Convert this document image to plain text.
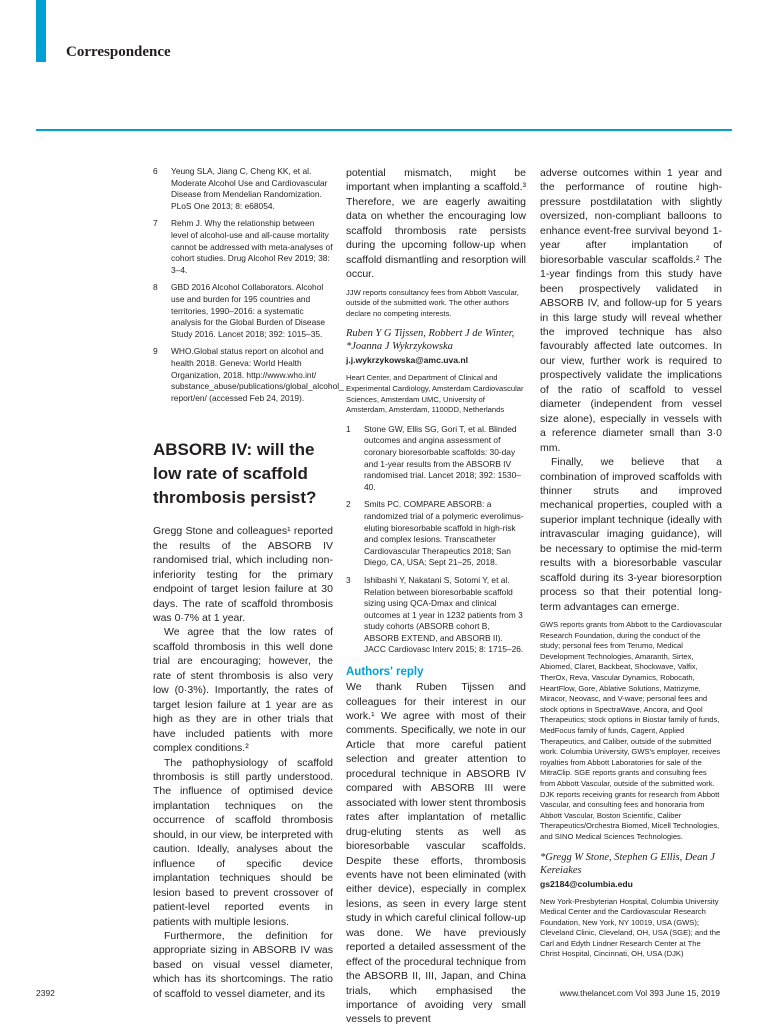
Correspondence
6	Yeung SLA, Jiang C, Cheng KK, et al. Moderate Alcohol Use and Cardiovascular Disease from Mendelian Randomization. PLoS One 2013; 8: e68054.
7	Rehm J. Why the relationship between level of alcohol-use and all-cause mortality cannot be addressed with meta-analyses of cohort studies. Drug Alcohol Rev 2019; 38: 3–4.
8	GBD 2016 Alcohol Collaborators. Alcohol use and burden for 195 countries and territories, 1990–2016: a systematic analysis for the Global Burden of Disease Study 2016. Lancet 2018; 392: 1015–35.
9	WHO.Global status report on alcohol and health 2018. Geneva: World Health Organization, 2018. http://www.who.int/ substance_abuse/publications/global_alcohol_ report/en/ (accessed Feb 24, 2019).
ABSORB IV: will the low rate of scaffold thrombosis persist?

Gregg Stone and colleagues¹ reported the results of the ABSORB IV randomised trial, which including non-inferiority testing for the primary endpoint of target lesion failure at 30 days. The rate of scaffold thrombosis was 0·7% at 1 year.

We agree that the low rates of scaffold thrombosis in this well done trial are encouraging; however, the rate of stent thrombosis is also very low (0·3%). Importantly, the rates of target lesion failure at 1 year are as high as they are in other trials that have included patients with more complex conditions.²

The pathophysiology of scaffold thrombosis is still partly understood. The influence of optimised device implantation techniques on the occurrence of scaffold thrombosis should, in our view, be interpreted with caution. Ideally, analyses about the influence of specific device implantation techniques should be lesion based to prevent crossover of patient-level reported events in patients with multiple lesions.

Furthermore, the definition for appropriate sizing in ABSORB IV was based on visual vessel diameter, which has its shortcomings. The ratio of scaffold to vessel diameter, and its

potential mismatch, might be important when implanting a scaffold.³ Therefore, we are eagerly awaiting data on whether the encouraging low scaffold thrombosis rate persists during the upcoming follow-up when scaffold dismantling and resorption will occur.

JJW reports consultancy fees from Abbott Vascular, outside of the submitted work. The other authors declare no competing interests.

Ruben Y G Tijssen, Robbert J de Winter, *Joanna J Wykrzykowska

j.j.wykrzykowska@amc.uva.nl

Heart Center, and Department of Clinical and Experimental Cardiology, Amsterdam Cardiovascular Sciences, Amsterdam UMC, University of Amsterdam, Amsterdam, 1100DD, Netherlands

1	Stone GW, Ellis SG, Gori T, et al. Blinded outcomes and angina assessment of coronary bioresorbable scaffolds: 30-day and 1-year results from the ABSORB IV randomised trial. Lancet 2018; 392: 1530–40.
2	Smits PC. COMPARE ABSORB: a randomized trial of a polymeric everolimus-eluting bioresorbable scaffold in high-risk and complex lesions. Transcatheter Cardiovascular Therapeutics 2018; San Diego, CA, USA; Sept 21–25, 2018.
3	Ishibashi Y, Nakatani S, Sotomi Y, et al. Relation between bioresorbable scaffold sizing using QCA-Dmax and clinical outcomes at 1 year in 1232 patients from 3 study cohorts (ABSORB cohort B, ABSORB EXTEND, and ABSORB II). JACC Cardiovasc Interv 2015; 8: 1715–26.
Authors' reply

We thank Ruben Tijssen and colleagues for their interest in our work.¹ We agree with most of their comments. Specifically, we note in our Article that more careful patient selection and greater attention to procedural technique in ABSORB IV compared with ABSORB III were associated with lower stent thrombosis rates after implantation of metallic drug-eluting stents as well as bioresorbable vascular scaffolds. Despite these efforts, thrombosis events have not been eliminated (with either device), especially in complex lesions, as seen in every large stent study in which careful clinical follow-up was done. We have previously reported a detailed assessment of the effect of the procedural technique from the ABSORB II, III, Japan, and China trials, which emphasised the importance of avoiding very small vessels to prevent

adverse outcomes within 1 year and the performance of routine high-pressure postdilatation with slightly oversized, non-compliant balloons to enhance event-free survival beyond 1-year after implantation of bioresorbable vascular scaffolds.² The 1-year findings from this study have been prospectively validated in ABSORB IV, and follow-up for 5 years in this large study will reveal whether the improved technique has also favourably affected late outcomes. In our view, further work is required to prospectively validate the implications of the ratio of scaffold to vessel diameter (independent from vessel size alone), especially in vessels with a reference diameter small than 3·0 mm.

Finally, we believe that a combination of improved scaffolds with thinner struts and improved mechanical properties, coupled with a superior implant technique (ideally with intravascular imaging guidance), will be necessary to optimise the mid-term results with a bioresorbable vascular scaffold during its 3-year bioresorption process so that their potential long-term advantages can emerge.

GWS reports grants from Abbott to the Cardiovascular Research Foundation, during the conduct of the study; personal fees from Terumo, Medical Development Technologies, Amaranth, Sirtex, Abiomed, Claret, Backbeat, Shockwave, Valfix, TherOx, Reva, Vascular Dynamics, Robocath, HeartFlow, Gore, Ablative Solutions, Matrizyme, Miracor, Neovasc, and V-wave; personal fees and stock options in SpectraWave, Ancora, and Qool Therapeutics; stock options in Biostar family of funds, MedFocus family of funds, Cagent, Applied Therapeutics, and Caliber, outside of the submitted work. Columbia University, GWS's employer, receives royalties from Abbott Laboratories for sale of the MitraClip. SGE reports grants and consulting fees from Abbott Vascular, outside of the submitted work. DJK reports receiving grants for research from Abbott Vascular, and consulting fees and honoraria from Abbott Vascular, Boston Scientific, Caliber Therapeutics/Orchestra Biomed, Micell Technologies, and SINO Medical Sciences Technologies.

*Gregg W Stone, Stephen G Ellis, Dean J Kereiakes

gs2184@columbia.edu

New York-Presbyterian Hospital, Columbia University Medical Center and the Cardiovascular Research Foundation, New York, NY 10019, USA (GWS); Cleveland Clinic, Cleveland, OH, USA (SGE); and the Carl and Edyth Lindner Research Center at The Christ Hospital, Cincinnati, OH, USA (DJK)

2392	www.thelancet.com Vol 393 June 15, 2019
